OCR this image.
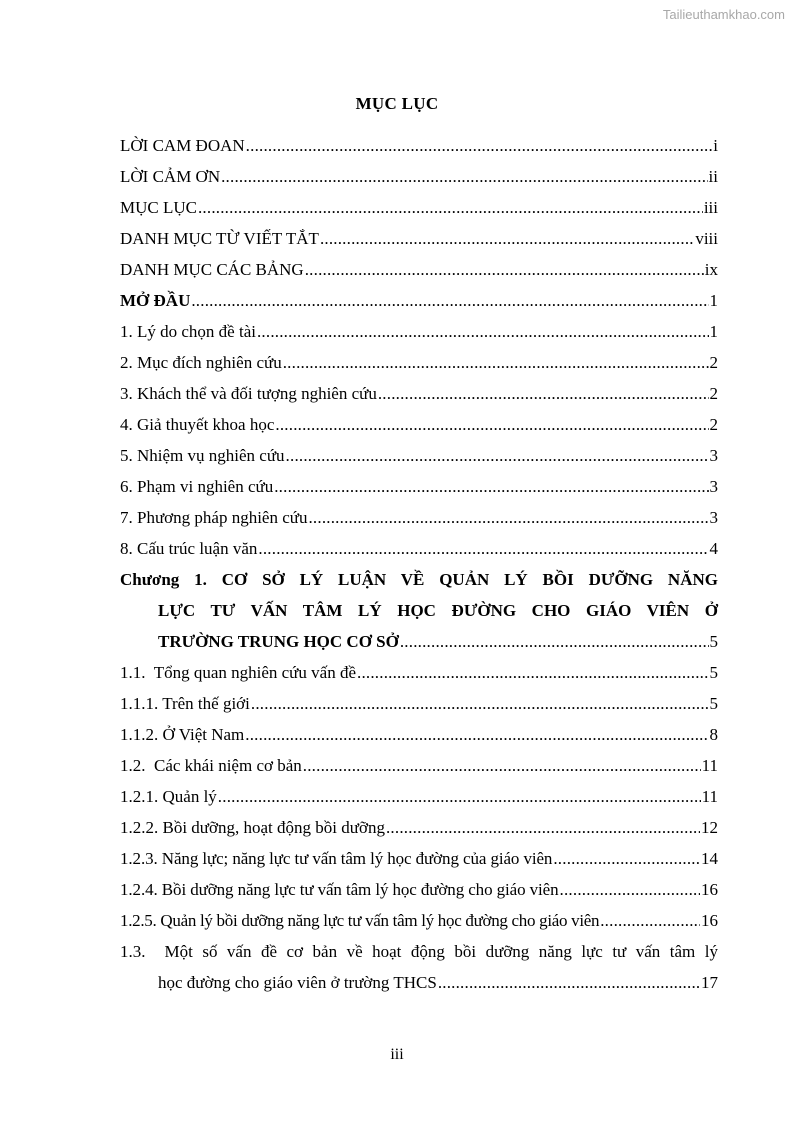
Tailieuthamkhao.com
MỤC LỤC
LỜI CAM ĐOAN .....	i
LỜI CẢM ƠN .....	ii
MỤC LỤC .....	iii
DANH MỤC TỪ VIẾT TẮT .....	viii
DANH MỤC CÁC BẢNG .....	ix
MỞ ĐẦU .....	1
1. Lý do chọn đề tài .....	1
2. Mục đích nghiên cứu .....	2
3. Khách thể và đối tượng nghiên cứu .....	2
4. Giả thuyết khoa học .....	2
5. Nhiệm vụ nghiên cứu .....	3
6. Phạm vi nghiên cứu .....	3
7. Phương pháp nghiên cứu .....	3
8. Cấu trúc luận văn .....	4
Chương 1. CƠ SỞ LÝ LUẬN VỀ QUẢN LÝ BỒI DƯỠNG NĂNG
LỰC TƯ VẤN TÂM LÝ HỌC ĐƯỜNG CHO GIÁO VIÊN Ở
TRƯỜNG TRUNG HỌC CƠ SỞ .....	5
1.1.  Tổng quan nghiên cứu vấn đề .....	5
1.1.1. Trên thế giới .....	5
1.1.2. Ở Việt Nam .....	8
1.2.  Các khái niệm cơ bản .....	11
1.2.1. Quản lý .....	11
1.2.2. Bồi dưỡng, hoạt động bồi dưỡng .....	12
1.2.3. Năng lực; năng lực tư vấn tâm lý học đường của giáo viên .....	14
1.2.4. Bồi dưỡng năng lực tư vấn tâm lý học đường cho giáo viên .....	16
1.2.5. Quản lý bồi dưỡng năng lực tư vấn tâm lý học đường cho giáo viên .....	16
1.3.  Một số vấn đề cơ bản về hoạt động bồi dưỡng năng lực tư vấn tâm lý
học đường cho giáo viên ở trường THCS .....	17
iii
